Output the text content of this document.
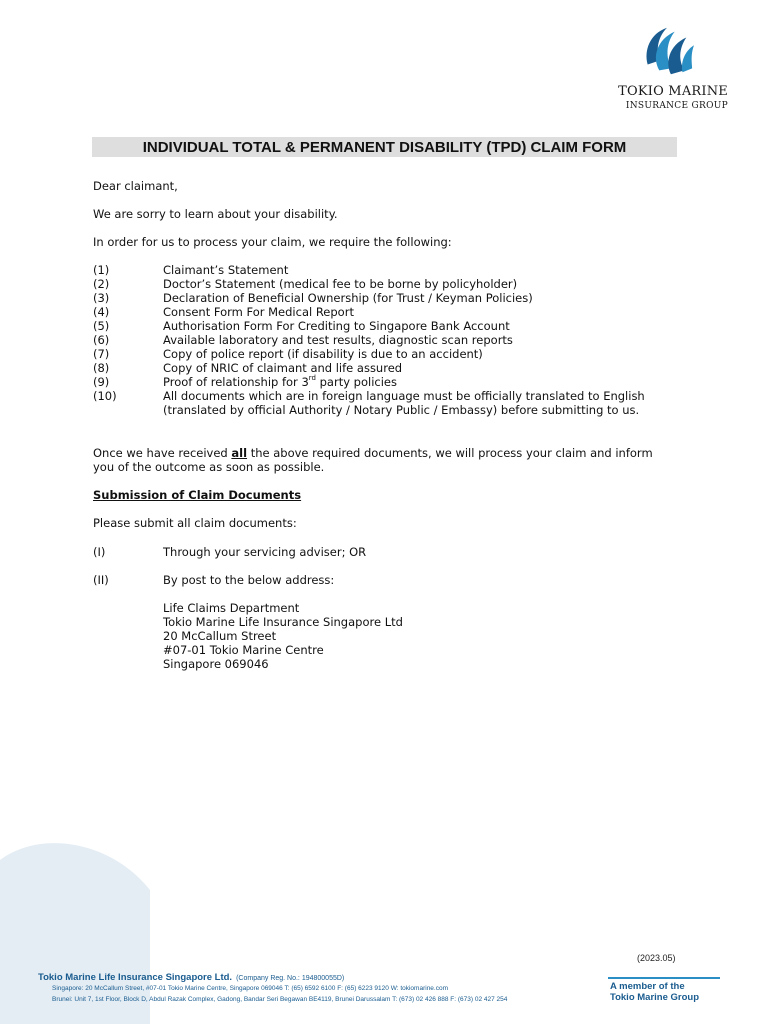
TOKIO MARINE
INSURANCE GROUP
INDIVIDUAL TOTAL & PERMANENT DISABILITY (TPD) CLAIM FORM
Dear claimant,
We are sorry to learn about your disability.
In order for us to process your claim, we require the following:
(1)	Claimant’s Statement
(2)	Doctor’s Statement (medical fee to be borne by policyholder)
(3)	Declaration of Beneficial Ownership (for Trust / Keyman Policies)
(4)	Consent Form For Medical Report
(5)	Authorisation Form For Crediting to Singapore Bank Account
(6)	Available laboratory and test results, diagnostic scan reports
(7)	Copy of police report (if disability is due to an accident)
(8)	Copy of NRIC of claimant and life assured
(9)	Proof of relationship for 3rd party policies
(10)	All documents which are in foreign language must be officially translated to English
(translated by official Authority / Notary Public / Embassy) before submitting to us.
Once we have received all the above required documents, we will process your claim and inform
you of the outcome as soon as possible.
Submission of Claim Documents
Please submit all claim documents:
(I)	Through your servicing adviser; OR
(II)	By post to the below address:
Life Claims Department
Tokio Marine Life Insurance Singapore Ltd
20 McCallum Street
#07-01 Tokio Marine Centre
Singapore 069046
(2023.05)
Tokio Marine Life Insurance Singapore Ltd. (Company Reg. No.: 194800055D)
Singapore: 20 McCallum Street, #07-01 Tokio Marine Centre, Singapore 069046 T: (65) 6592 6100 F: (65) 6223 9120 W: tokiomarine.com
Brunei: Unit 7, 1st Floor, Block D, Abdul Razak Complex, Gadong, Bandar Seri Begawan BE4119, Brunei Darussalam T: (673) 02 426 888 F: (673) 02 427 254
A member of the
Tokio Marine Group
